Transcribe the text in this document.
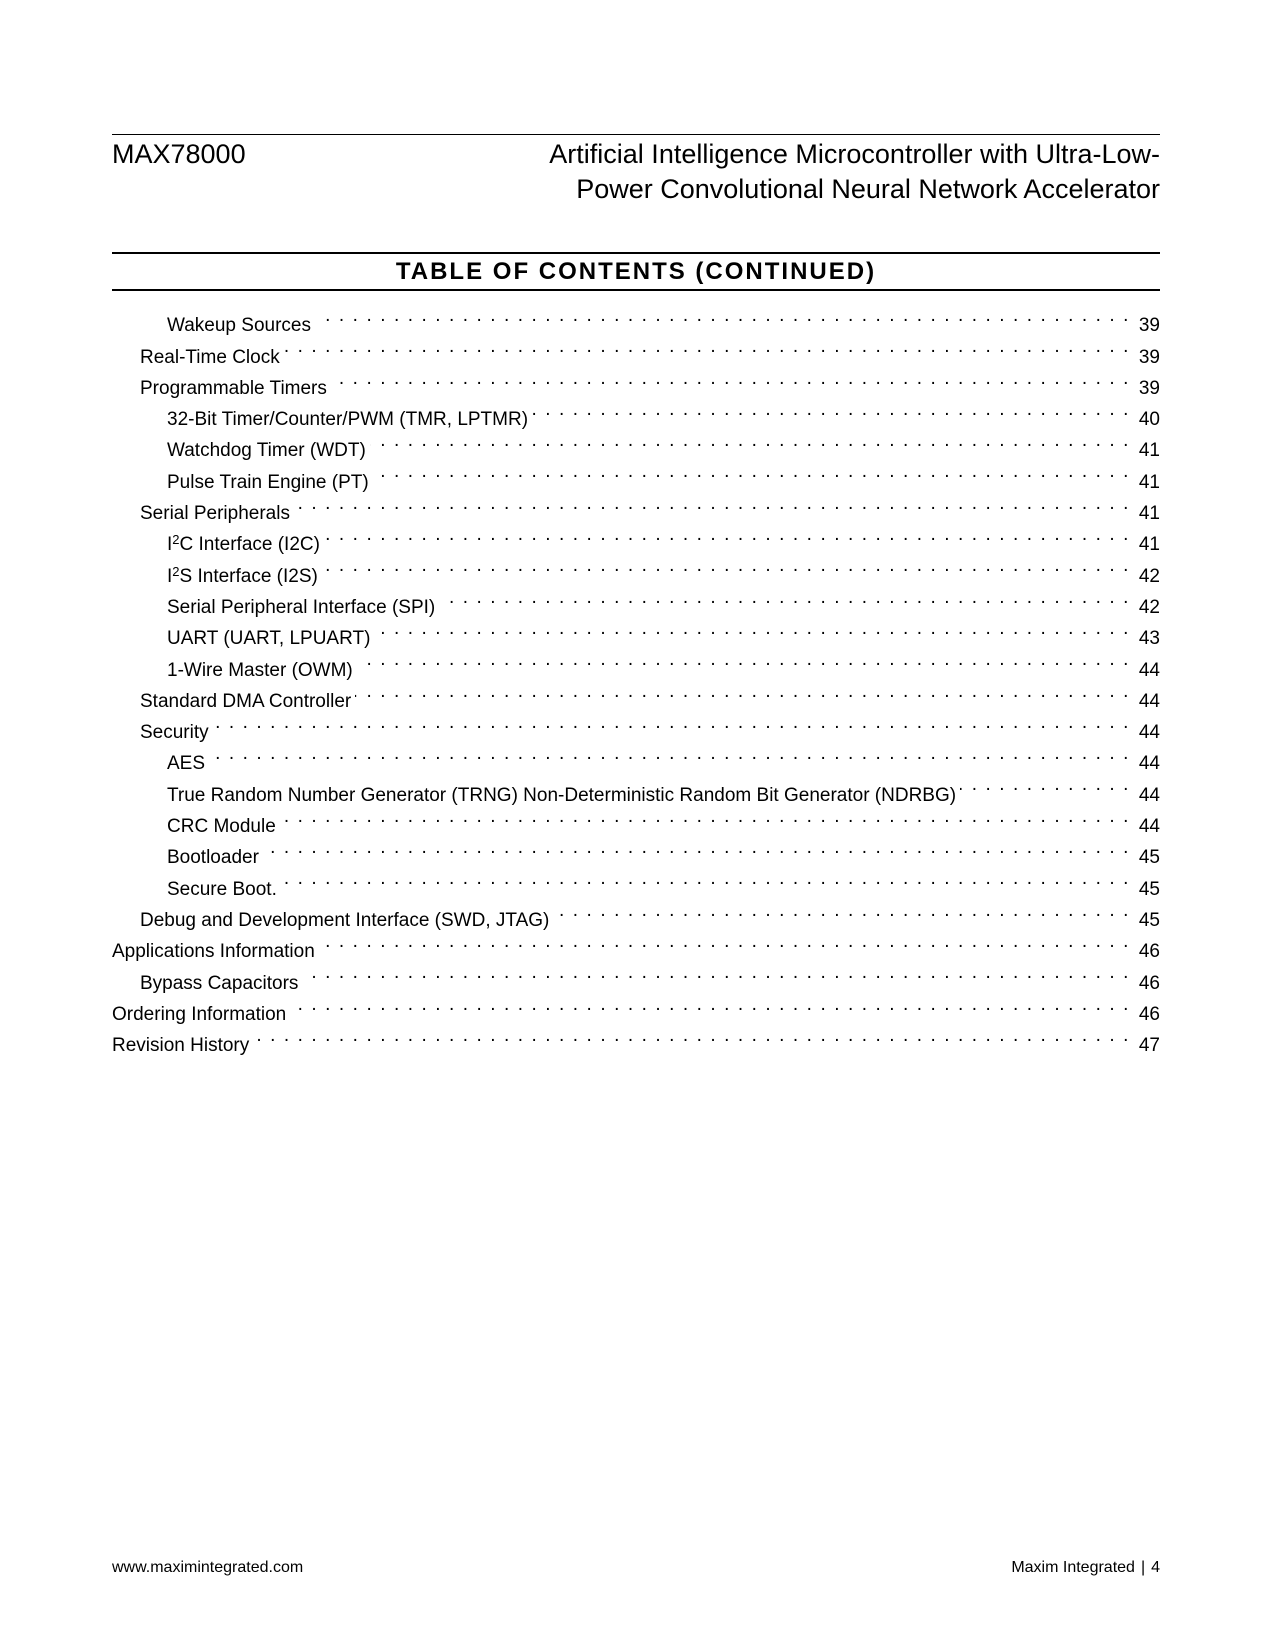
MAX78000	Artificial Intelligence Microcontroller with Ultra-Low-
Power Convolutional Neural Network Accelerator
TABLE OF CONTENTS (CONTINUED)
Wakeup Sources . . .	39
Real-Time Clock . . .	39
Programmable Timers . . .	39
32-Bit Timer/Counter/PWM (TMR, LPTMR) . . .	40
Watchdog Timer (WDT) . . .	41
Pulse Train Engine (PT) . . .	41
Serial Peripherals . . .	41
$I^2C$ Interface (I2C) . . .	41
$I^2S$ Interface (I2S) . . .	42
Serial Peripheral Interface (SPI) . . .	42
UART (UART, LPUART) . . .	43
1-Wire Master (OWM) . . .	44
Standard DMA Controller . . .	44
Security . . .	44
AES . . .	44
True Random Number Generator (TRNG) Non-Deterministic Random Bit Generator (NDRBG) . . .	44
CRC Module . . .	44
Bootloader . . .	45
Secure Boot. . . .	45
Debug and Development Interface (SWD, JTAG) . . .	45
Applications Information . . .	46
Bypass Capacitors . . .	46
Ordering Information . . .	46
Revision History . . .	47
www.maximintegrated.com	Maxim Integrated | 4
